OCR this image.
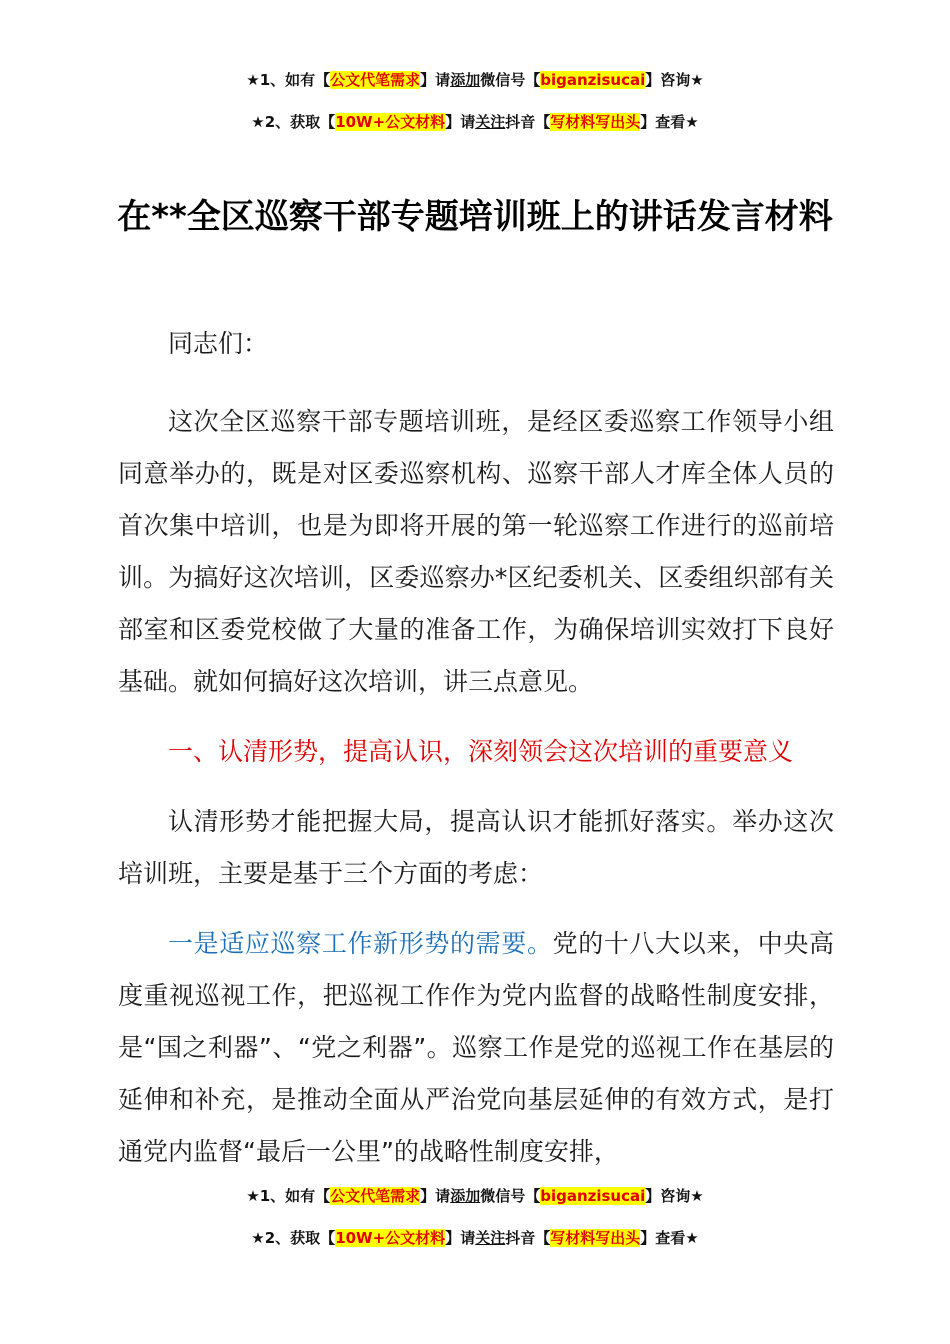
★1、如有【公文代笔需求】请添加微信号【biganzisucai】咨询★
★2、获取【10W+公文材料】请关注抖音【写材料写出头】查看★
在**全区巡察干部专题培训班上的讲话发言材料

同志们：

这次全区巡察干部专题培训班，是经区委巡察工作领导小组同意举办的，既是对区委巡察机构、巡察干部人才库全体人员的首次集中培训，也是为即将开展的第一轮巡察工作进行的巡前培训。为搞好这次培训，区委巡察办*区纪委机关、区委组织部有关部室和区委党校做了大量的准备工作，为确保培训实效打下良好基础。就如何搞好这次培训，讲三点意见。

一、认清形势，提高认识，深刻领会这次培训的重要意义

认清形势才能把握大局，提高认识才能抓好落实。举办这次培训班，主要是基于三个方面的考虑：

一是适应巡察工作新形势的需要。党的十八大以来，中央高度重视巡视工作，把巡视工作作为党内监督的战略性制度安排，是“国之利器”、“党之利器”。巡察工作是党的巡视工作在基层的延伸和补充，是推动全面从严治党向基层延伸的有效方式，是打通党内监督“最后一公里”的战略性制度安排，

★1、如有【公文代笔需求】请添加微信号【biganzisucai】咨询★
★2、获取【10W+公文材料】请关注抖音【写材料写出头】查看★
